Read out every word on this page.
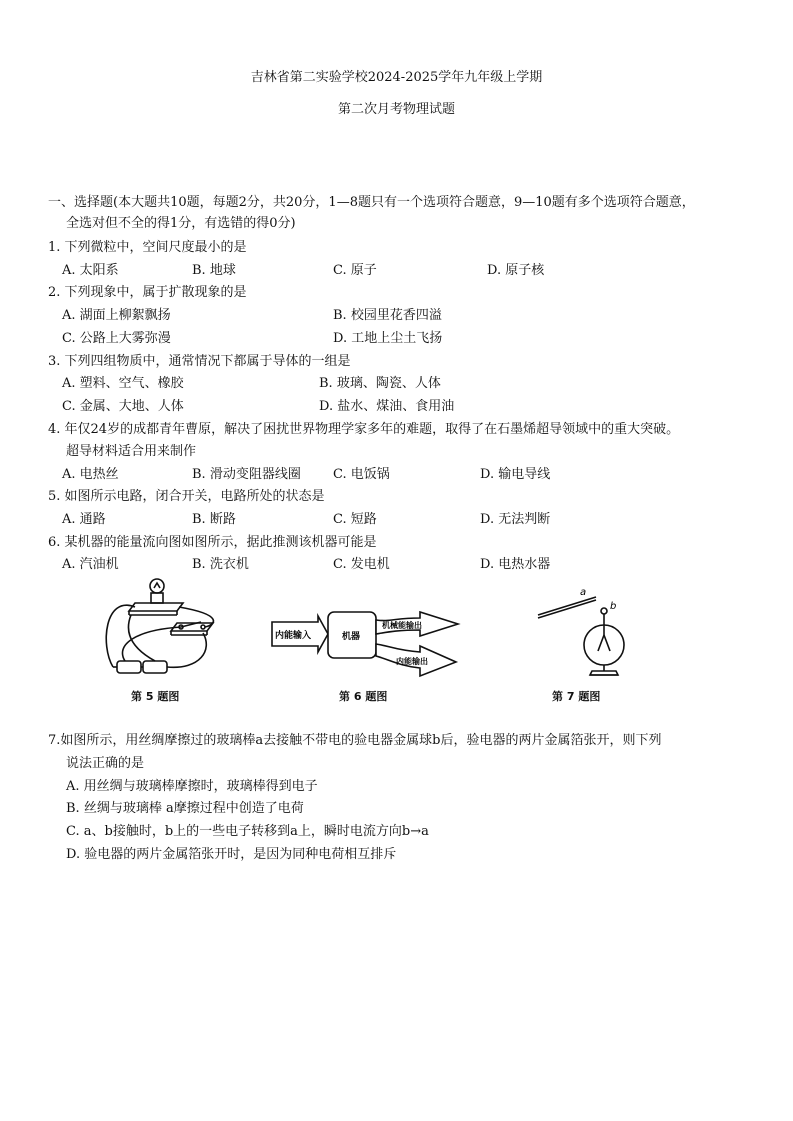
吉林省第二实验学校2024-2025学年九年级上学期
第二次月考物理试题
一、选择题(本大题共10题，每题2分，共20分，1—8题只有一个选项符合题意，9—10题有多个选项符合题意，
全选对但不全的得1分，有选错的得0分)
1. 下列微粒中，空间尺度最小的是
A. 太阳系	B. 地球	C. 原子	D. 原子核
2. 下列现象中，属于扩散现象的是
A. 湖面上柳絮飘扬	B. 校园里花香四溢
C. 公路上大雾弥漫	D. 工地上尘土飞扬
3. 下列四组物质中，通常情况下都属于导体的一组是
A. 塑料、空气、橡胶	B. 玻璃、陶瓷、人体
C. 金属、大地、人体	D. 盐水、煤油、食用油
4. 年仅24岁的成都青年曹原，解决了困扰世界物理学家多年的难题，取得了在石墨烯超导领域中的重大突破。
超导材料适合用来制作
A. 电热丝	B. 滑动变阻器线圈 C. 电饭锅	D. 输电导线
5. 如图所示电路，闭合开关，电路所处的状态是
A. 通路	B. 断路	C. 短路	D. 无法判断
6. 某机器的能量流向图如图所示，据此推测该机器可能是
A. 汽油机	B. 洗衣机	C. 发电机	D. 电热水器
第 5 题图
内能输入	机器
机械能输出
内能输出
第 6 题图
a
b
第 7 题图
7.如图所示，用丝绸摩擦过的玻璃棒a去接触不带电的验电器金属球b后，验电器的两片金属箔张开，则下列
说法正确的是
A. 用丝绸与玻璃棒摩擦时，玻璃棒得到电子
B. 丝绸与玻璃棒 a摩擦过程中创造了电荷
C. a、b接触时，b上的一些电子转移到a上，瞬时电流方向b→a
D. 验电器的两片金属箔张开时，是因为同种电荷相互排斥
